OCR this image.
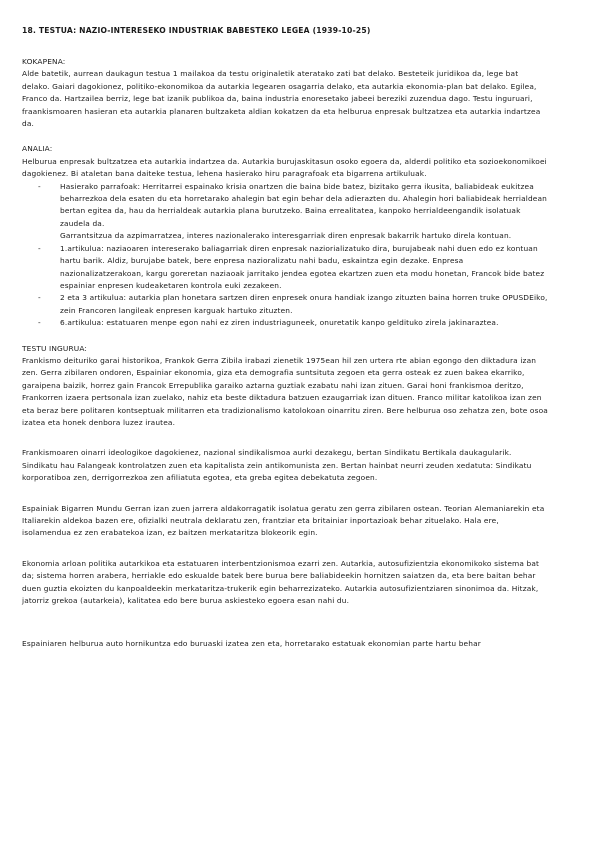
18. TESTUA: NAZIO-INTERESEKO INDUSTRIAK BABESTEKO LEGEA (1939-10-25)

KOKAPENA:

Alde batetik, aurrean daukagun testua 1 mailakoa da testu originaletik ateratako zati bat delako. Besteteik juridikoa da, lege bat delako. Gaiari dagokionez, politiko-ekonomikoa da autarkia legearen osagarria delako, eta autarkia ekonomia-plan bat delako. Egilea, Franco da. Hartzailea berriz, lege bat izanik publikoa da, baina industria enoresetako jabeei bereziki zuzendua dago. Testu inguruari, fraankismoaren hasieran eta autarkia planaren bultzaketa aldian kokatzen da eta helburua enpresak bultzatzea eta autarkia indartzea da.

ANALIA:

Helburua enpresak bultzatzea eta autarkia indartzea da. Autarkia burujaskitasun osoko egoera da, alderdi politiko eta sozioekonomikoei dagokienez. Bi ataletan bana daiteke testua, lehena hasierako hiru paragrafoak eta bigarrena artikuluak.

- Hasierako parrafoak: Herritarrei espainako krisia onartzen die baina bide batez, bizitako gerra ikusita, baliabideak eukitzea beharrezkoa dela esaten du eta horretarako ahalegin bat egin behar dela adierazten du. Ahalegin hori baliabideak herrialdean bertan egitea da, hau da herrialdeak autarkia plana burutzeko. Baina errealitatea, kanpoko herrialdeengandik isolatuak zaudela da.
Garrantsitzua da azpimarratzea, interes nazionalerako interesgarriak diren enpresak bakarrik hartuko direla kontuan.
- 1.artikulua: naziaoaren intereserako baliagarriak diren enpresak naziorializatuko dira, burujabeak nahi duen edo ez kontuan hartu barik. Aldiz, burujabe batek, bere enpresa nazioralizatu nahi badu, eskaintza egin dezake. Enpresa nazionalizatzerakoan, kargu goreretan naziaoak jarritako jendea egotea ekartzen zuen eta modu honetan, Francok bide batez espainiar enpresen kudeaketaren kontrola euki zezakeen.
- 2 eta 3 artikulua: autarkia plan honetara sartzen diren enpresek onura handiak izango zituzten baina horren truke OPUSDEiko, zein Francoren langileak enpresen karguak hartuko zituzten.
- 6.artikulua: estatuaren menpe egon nahi ez ziren industriaguneek, onuretatik kanpo geldituko zirela jakinaraztea.

TESTU INGURUA:

Frankismo deituriko garai historikoa, Frankok Gerra Zibila irabazi zienetik 1975ean hil zen urtera rte abian egongo den diktadura izan zen. Gerra zibilaren ondoren, Espainiar ekonomia, giza eta demografia suntsituta zegoen eta gerra osteak ez zuen bakea ekarriko, garaipena baizik, horrez gain Francok Errepublika garaiko aztarna guztiak ezabatu nahi izan zituen. Garai honi frankismoa deritzo, Frankorren izaera pertsonala izan zuelako, nahiz eta beste diktadura batzuen ezaugarriak izan dituen. Franco militar katolikoa izan zen eta beraz bere politaren kontseptuak militarren eta tradizionalismo katolokoan oinarritu ziren. Bere helburua oso zehatza zen, bote osoa izatea eta honek denbora luzez irautea.

Frankismoaren oinarri ideologikoe dagokienez, nazional sindikalismoa aurki dezakegu, bertan Sindikatu Bertikala daukagularik. Sindikatu hau Falangeak kontrolatzen zuen eta kapitalista zein antikomunista zen. Bertan hainbat neurri zeuden xedatuta: Sindikatu korporatiboa zen, derrigorrezkoa zen afiliatuta egotea, eta greba egitea debekatuta zegoen.

Espainiak Bigarren Mundu Gerran izan zuen jarrera aldakorragatik isolatua geratu zen gerra zibilaren ostean. Teorian Alemaniarekin eta Italiarekin aldekoa bazen ere, ofizialki neutrala deklaratu zen, frantziar eta britainiar inportazioak behar zituelako. Hala ere, isolamendua ez zen erabatekoa izan, ez baitzen merkataritza blokeorik egin.

Ekonomia arloan politika autarkikoa eta estatuaren interbentzionismoa ezarri zen. Autarkia, autosufizientzia ekonomikoko sistema bat da; sistema horren arabera, herriakle edo eskualde batek bere burua bere baliabideekin hornitzen saiatzen da, eta bere baitan behar duen guztia ekoizten du kanpoaldeekin merkataritza-trukerik egin beharrezizateko. Autarkia autosufizientziaren sinonimoa da. Hitzak, jatorriz grekoa (autarkeia), kalitatea edo bere burua askiesteko egoera esan nahi du.

Espainiaren helburua auto hornikuntza edo buruaski izatea zen eta, horretarako estatuak ekonomian parte hartu behar
